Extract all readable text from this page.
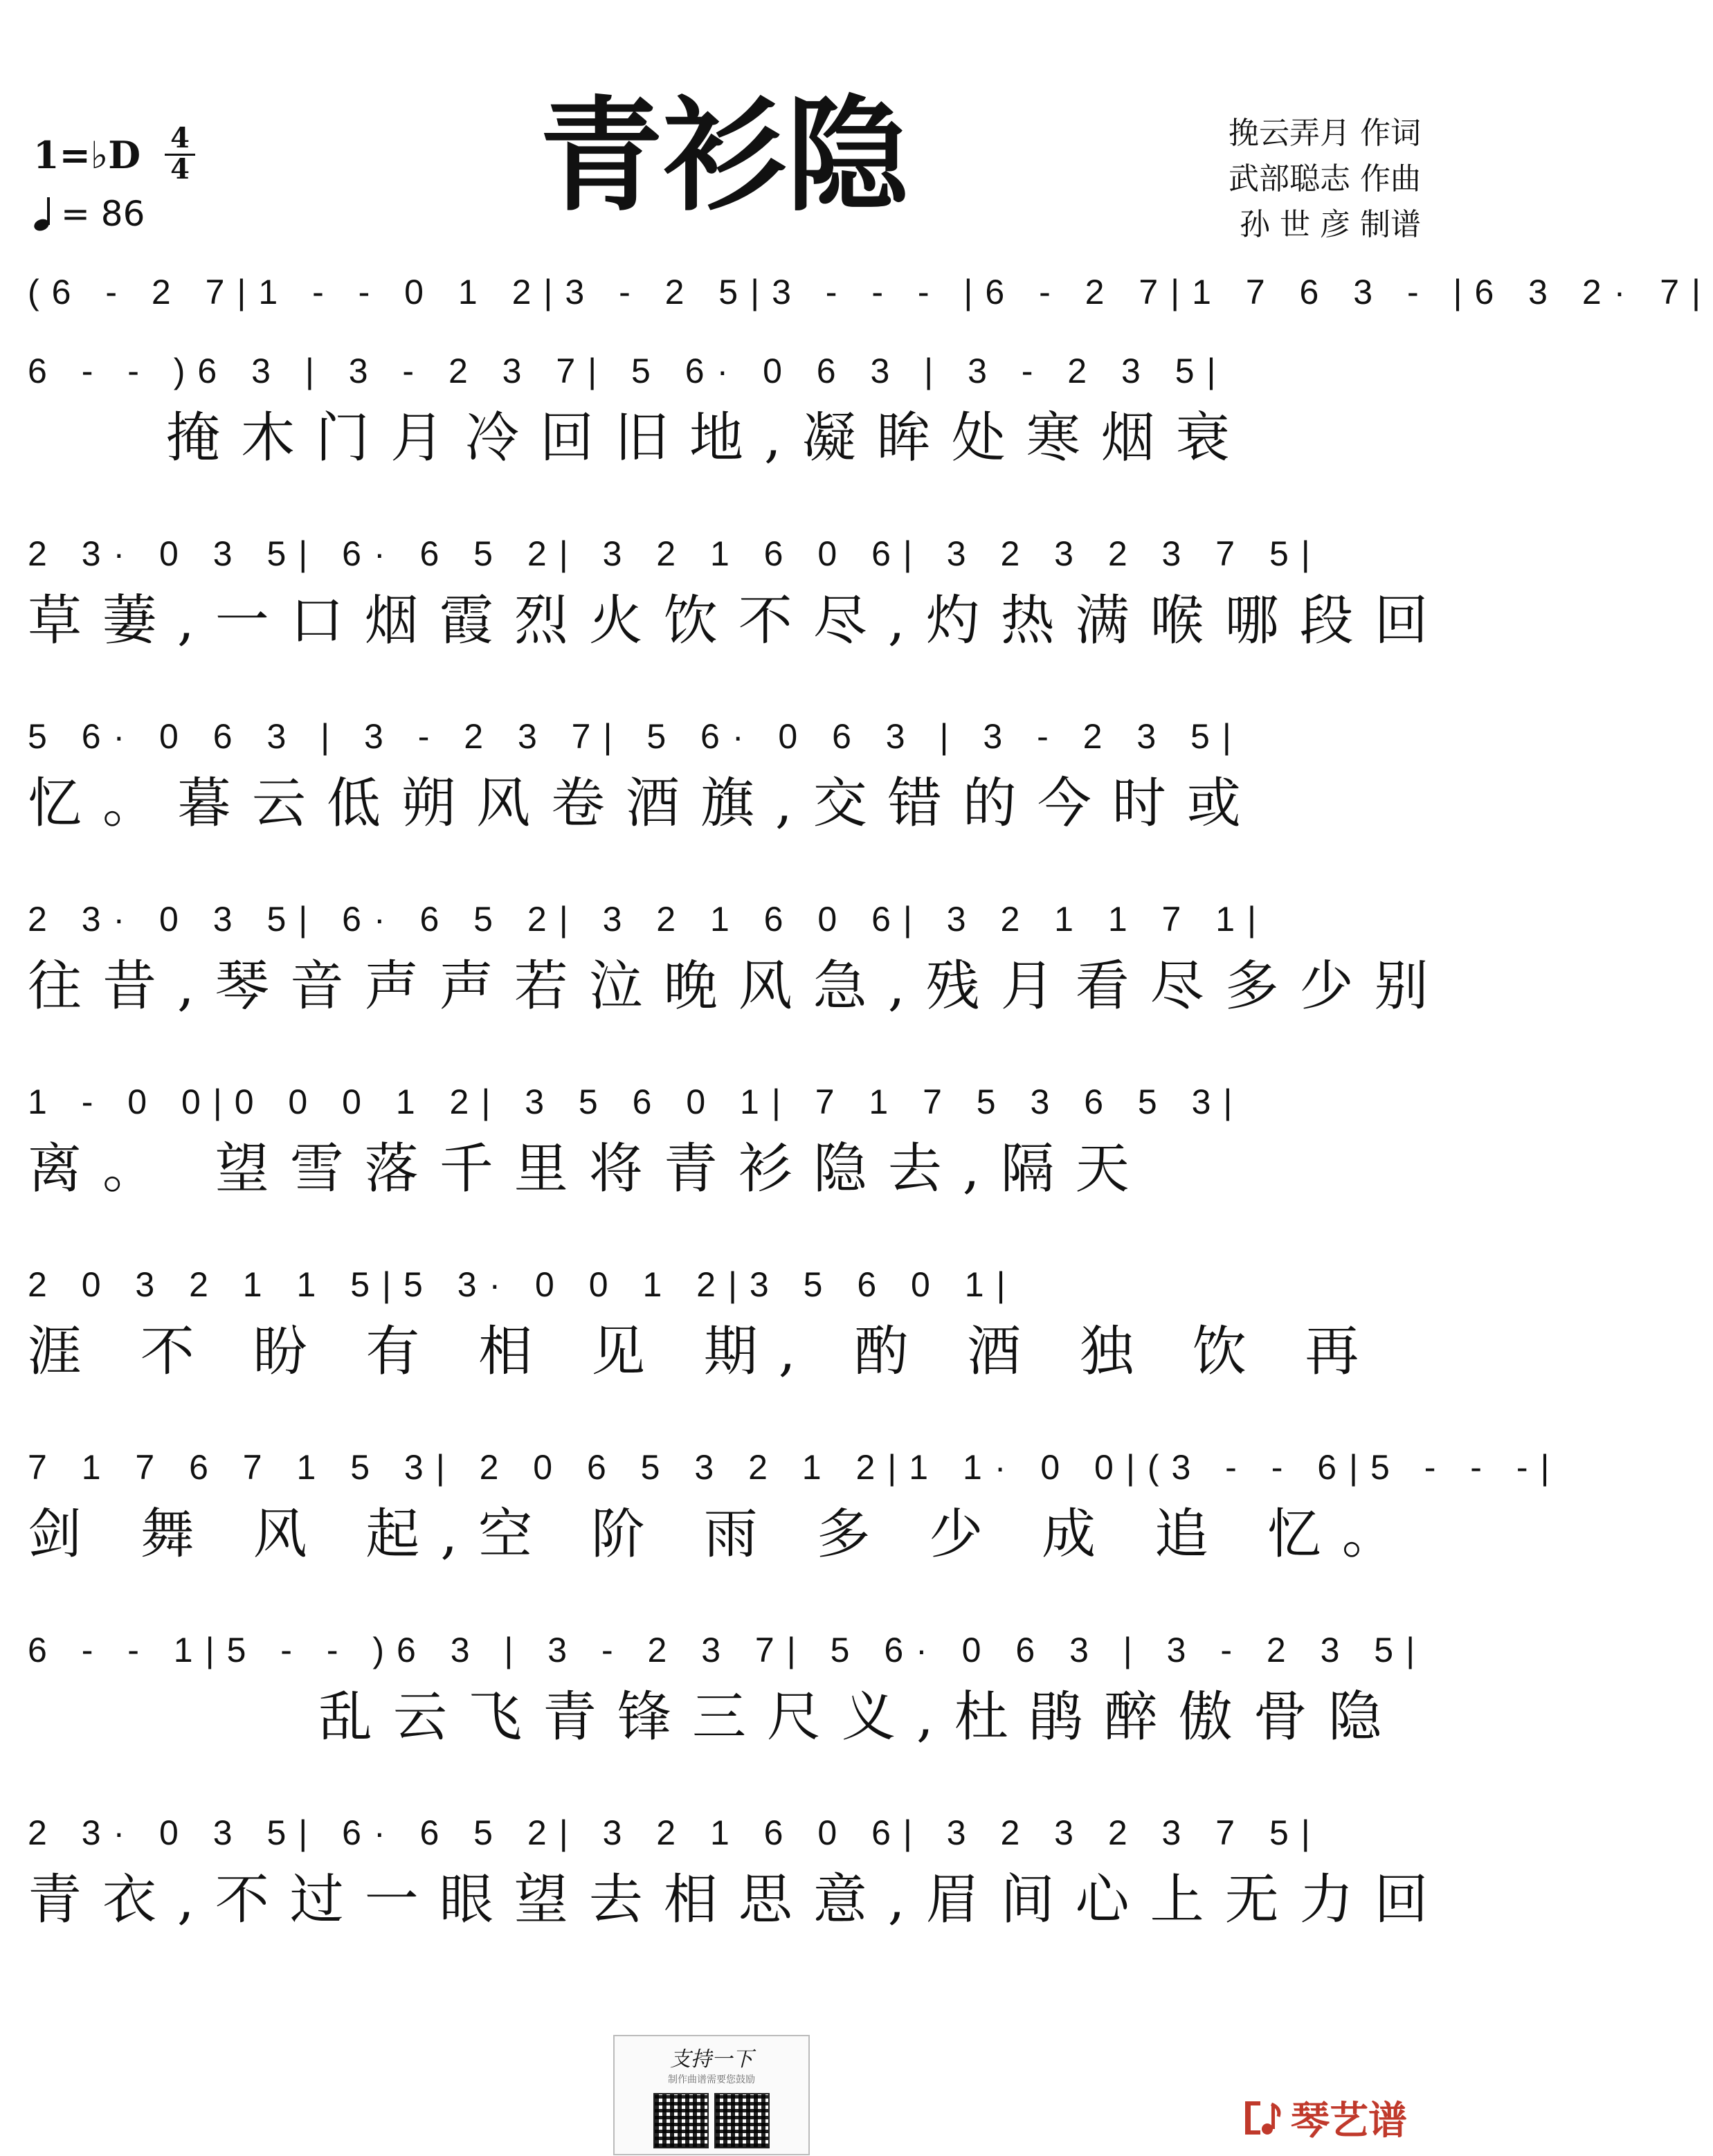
1=♭D 4
4
= 86	青衫隐	挽云弄月 作词
武部聪志 作曲
孙 世 彦 制谱
(6 - 2 7|1 - - 0 1 2|3 - 2 5|3 - - - |6 - 2 7|1 7 6 3 - |6 3 2· 7|
6 - - )6 3 | 3 - 2 3 7| 5 6· 0 6 3 | 3 - 2 3 5|
掩木门月冷回旧地,凝眸处寒烟衰
2 3· 0 3 5| 6· 6 5 2| 3 2 1 6 0 6| 3 2 3 2 3 7 5|
草萋,一口烟霞烈火饮不尽,灼热满喉哪段回
5 6· 0 6 3 | 3 - 2 3 7| 5 6· 0 6 3 | 3 - 2 3 5|
忆。暮云低朔风卷酒旗,交错的今时或
2 3· 0 3 5| 6· 6 5 2| 3 2 1 6 0 6| 3 2 1 1 7 1|
往昔,琴音声声若泣晚风急,残月看尽多少别
1 - 0 0|0 0 0 1 2| 3 5 6 0 1| 7 1 7 5 3 6 5 3|
离。 望雪落千里将青衫隐去,隔天
2 0 3 2 1 1 5|5 3· 0 0 1 2|3 5 6 0 1|
涯 不 盼 有 相 见 期, 酌 酒 独 饮 再
7 1 7 6 7 1 5 3| 2 0 6 5 3 2 1 2|1 1· 0 0|(3 - - 6|5 - - -|
剑 舞 风 起,空 阶 雨 多 少 成 追 忆。
6 - - 1|5 - - )6 3 | 3 - 2 3 7| 5 6· 0 6 3 | 3 - 2 3 5|
乱云飞青锋三尺义,杜鹃醉傲骨隐
2 3· 0 3 5| 6· 6 5 2| 3 2 1 6 0 6| 3 2 3 2 3 7 5|
青衣,不过一眼望去相思意,眉间心上无力回
支持一下
制作曲谱需要您鼓励
琴艺谱
